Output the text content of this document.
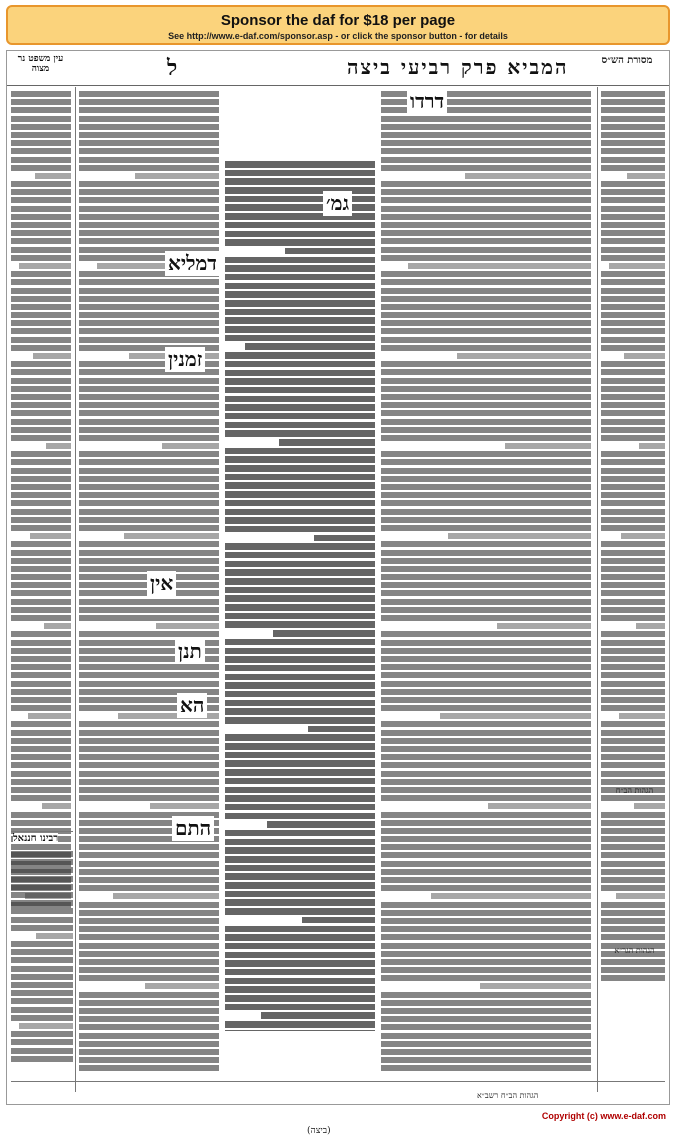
Sponsor the daf for $18 per page
See http://www.e-daf.com/sponsor.asp - or click the sponsor button - for details
ל	המביא פרק רביעי ביצה	מסורת הש״ס
עין משפט נר מצוה
רבינו חננאל
הגהות הב״ח
הגהות הגר״א
דרדו
גמ׳
דמליא
זמנין
אין
תנן
הא
התם
(ביצה)
הגהות הב״ח רשב״א
Copyright (c) www.e-daf.com
